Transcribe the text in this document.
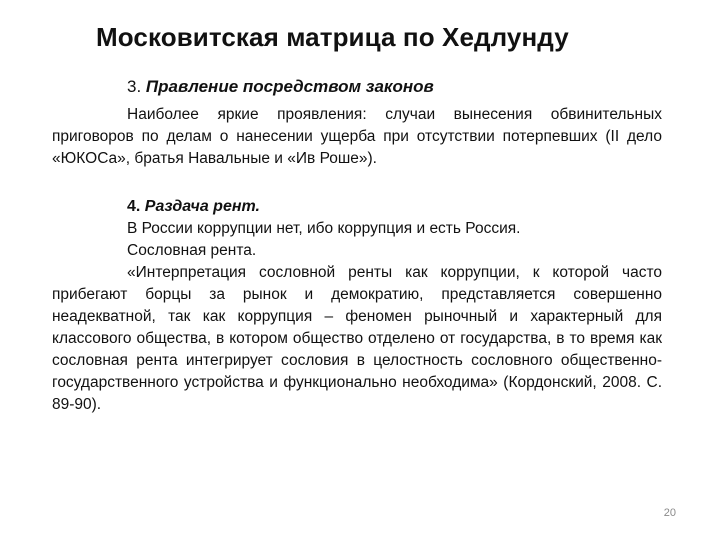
Московитская матрица по Хедлунду
3. Правление посредством законов

Наиболее яркие проявления: случаи вынесения обвинительных приговоров по делам о нанесении ущерба при отсутствии потерпевших (II дело «ЮКОСа», братья Навальные и «Ив Роше»).

4. Раздача рент.

В России коррупции нет, ибо коррупция и есть Россия.

Сословная рента.

«Интерпретация сословной ренты как коррупции, к которой часто прибегают борцы за рынок и демократию, представляется совершенно неадекватной, так как коррупция – феномен рыночный и характерный для классового общества, в котором общество отделено от государства, в то время как сословная рента интегрирует сословия в целостность сословного общественно-государственного устройства и функционально необходима» (Кордонский, 2008. С. 89-90).

20
